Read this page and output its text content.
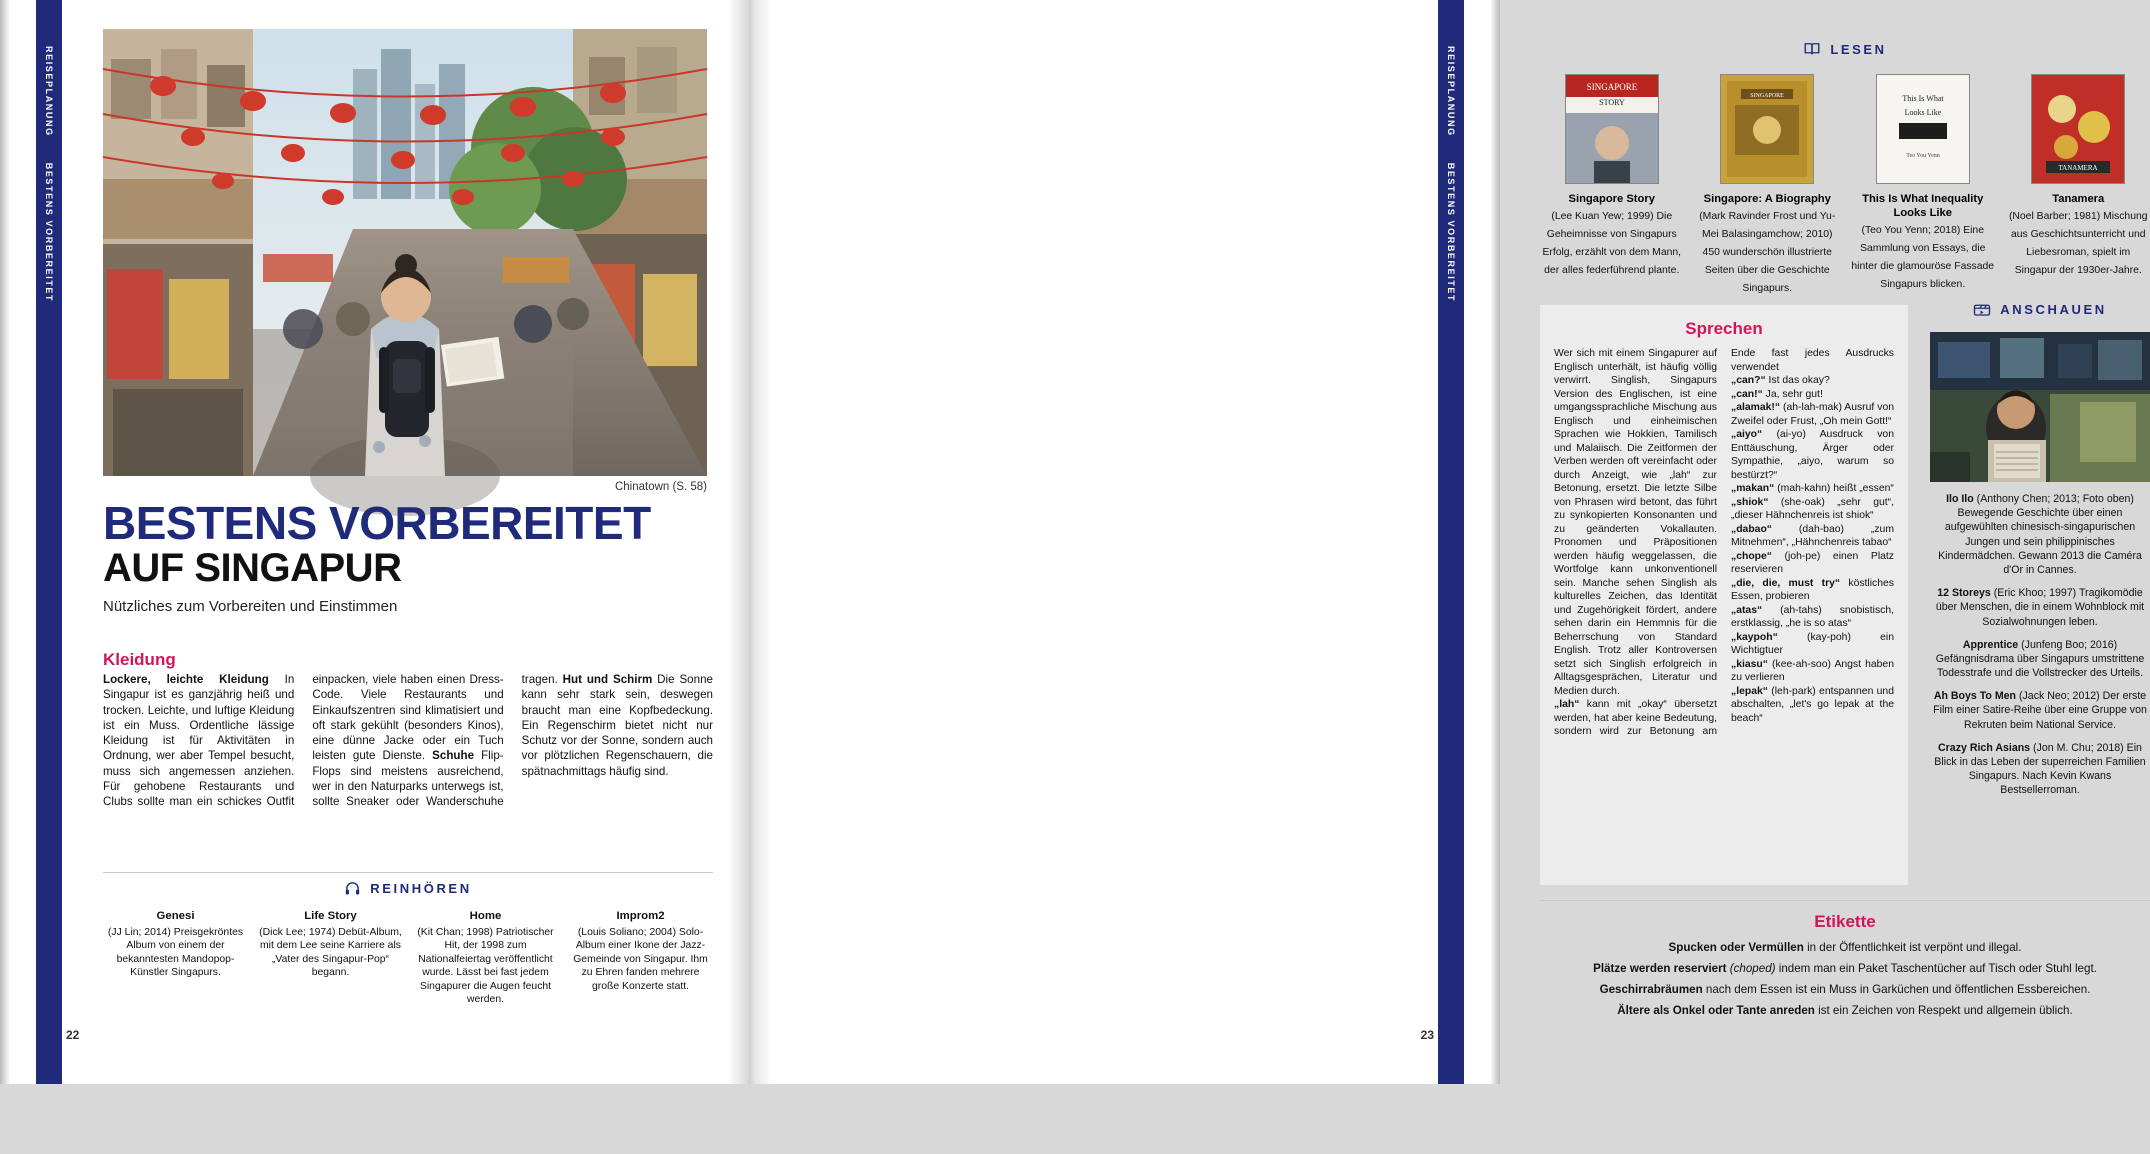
REISEPLANUNG
BESTENS VORBEREITET
Chinatown (S. 58)
BESTENS VORBEREITET
AUF SINGAPUR
Nützliches zum Vorbereiten und Einstimmen
Kleidung

Lockere, leichte Kleidung In Singapur ist es ganzjährig heiß und trocken. Leichte, und luftige Kleidung ist ein Muss. Ordentliche lässige Kleidung ist für Aktivitäten in Ordnung, wer aber Tempel besucht, muss sich angemessen anziehen. Für gehobene Restaurants und Clubs sollte man ein schickes Outfit einpacken, viele haben einen Dress-Code. Viele Restaurants und Einkaufszentren sind klimatisiert und oft stark gekühlt (besonders Kinos), eine dünne Jacke oder ein Tuch leisten gute Dienste. Schuhe Flip-Flops sind meistens ausreichend, wer in den Naturparks unterwegs ist, sollte Sneaker oder Wanderschuhe tragen. Hut und Schirm Die Sonne kann sehr stark sein, deswegen braucht man eine Kopfbedeckung. Ein Regenschirm bietet nicht nur Schutz vor der Sonne, sondern auch vor plötzlichen Regenschauern, die spätnachmittags häufig sind.

REINHÖREN
Genesi
(JJ Lin; 2014) Preisgekröntes Album von einem der bekanntesten Mandopop-Künstler Singapurs.
Life Story
(Dick Lee; 1974) Debüt-Album, mit dem Lee seine Karriere als „Vater des Singapur-Pop“ begann.
Home
(Kit Chan; 1998) Patriotischer Hit, der 1998 zum Nationalfeiertag veröffentlicht wurde. Lässt bei fast jedem Singapurer die Augen feucht werden.
Improm2
(Louis Soliano; 2004) Solo-Album einer Ikone der Jazz-Gemeinde von Singapur. Ihm zu Ehren fanden mehrere große Konzerte statt.
22
REISEPLANUNG
BESTENS VORBEREITET
LESEN
SINGAPORE
STORY
Singapore Story
(Lee Kuan Yew; 1999) Die Geheimnisse von Singapurs Erfolg, erzählt von dem Mann, der alles federführend plante.
SINGAPORE
Singapore: A Biography
(Mark Ravinder Frost und Yu-Mei Balasingamchow; 2010) 450 wunderschön illustrierte Seiten über die Geschichte Singapurs.
This Is What
Looks Like
Teo You Yenn
This Is What Inequality Looks Like
(Teo You Yenn; 2018) Eine Sammlung von Essays, die hinter die glamouröse Fassade Singapurs blicken.
TANAMERA
Tanamera
(Noel Barber; 1981) Mischung aus Geschichtsunterricht und Liebesroman, spielt im Singapur der 1930er-Jahre.
Sprechen

Wer sich mit einem Singapurer auf Englisch unterhält, ist häufig völlig verwirrt. Singlish, Singapurs Version des Englischen, ist eine umgangssprachliche Mischung aus Englisch und einheimischen Sprachen wie Hokkien, Tamilisch und Malaiisch. Die Zeitformen der Verben werden oft vereinfacht oder durch Anzeigt, wie „lah“ zur Betonung, ersetzt. Die letzte Silbe von Phrasen wird betont, das führt zu synkopierten Konsonanten und zu geänderten Vokallauten. Pronomen und Präpositionen werden häufig weggelassen, die Wortfolge kann unkonventionell sein. Manche sehen Singlish als kulturelles Zeichen, das Identität und Zugehörigkeit fördert, andere sehen darin ein Hemmnis für die Beherrschung von Standard English. Trotz aller Kontroversen setzt sich Singlish erfolgreich in Alltagsgesprächen, Literatur und Medien durch.

„lah“ kann mit „okay“ übersetzt werden, hat aber keine Bedeutung, sondern wird zur Betonung am Ende fast jedes Ausdrucks verwendet
„can?“ Ist das okay?
„can!“ Ja, sehr gut!
„alamak!“ (ah-lah-mak) Ausruf von Zweifel oder Frust, „Oh mein Gott!“
„aiyo“ (ai-yo) Ausdruck von Enttäuschung, Ärger oder Sympathie, „aiyo, warum so bestürzt?“
„makan“ (mah-kahn) heißt „essen“
„shiok“ (she-oak) „sehr gut“, „dieser Hähnchenreis ist shiok“
„dabao“ (dah-bao) „zum Mitnehmen“, „Hähnchenreis tabao“
„chope“ (joh-pe) einen Platz reservieren
„die, die, must try“ köstliches Essen, probieren
„atas“ (ah-tahs) snobistisch, erstklassig, „he is so atas“
„kaypoh“ (kay-poh) ein Wichtigtuer
„kiasu“ (kee-ah-soo) Angst haben zu verlieren
„lepak“ (leh-park) entspannen und abschalten, „let's go lepak at the beach“

ANSCHAUEN

Ilo Ilo (Anthony Chen; 2013; Foto oben) Bewegende Geschichte über einen aufgewühlten chinesisch-singapurischen Jungen und sein philippinisches Kindermädchen. Gewann 2013 die Caméra d'Or in Cannes.

12 Storeys (Eric Khoo; 1997) Tragikomödie über Menschen, die in einem Wohnblock mit Sozialwohnungen leben.

Apprentice (Junfeng Boo; 2016) Gefängnisdrama über Singapurs umstrittene Todesstrafe und die Vollstrecker des Urteils.

Ah Boys To Men (Jack Neo; 2012) Der erste Film einer Satire-Reihe über eine Gruppe von Rekruten beim National Service.

Crazy Rich Asians (Jon M. Chu; 2018) Ein Blick in das Leben der superreichen Familien Singapurs. Nach Kevin Kwans Bestsellerroman.

Etikette

Spucken oder Vermüllen in der Öffentlichkeit ist verpönt und illegal.

Plätze werden reserviert (choped) indem man ein Paket Taschentücher auf Tisch oder Stuhl legt.

Geschirrabräumen nach dem Essen ist ein Muss in Garküchen und öffentlichen Essbereichen.

Ältere als Onkel oder Tante anreden ist ein Zeichen von Respekt und allgemein üblich.

23
